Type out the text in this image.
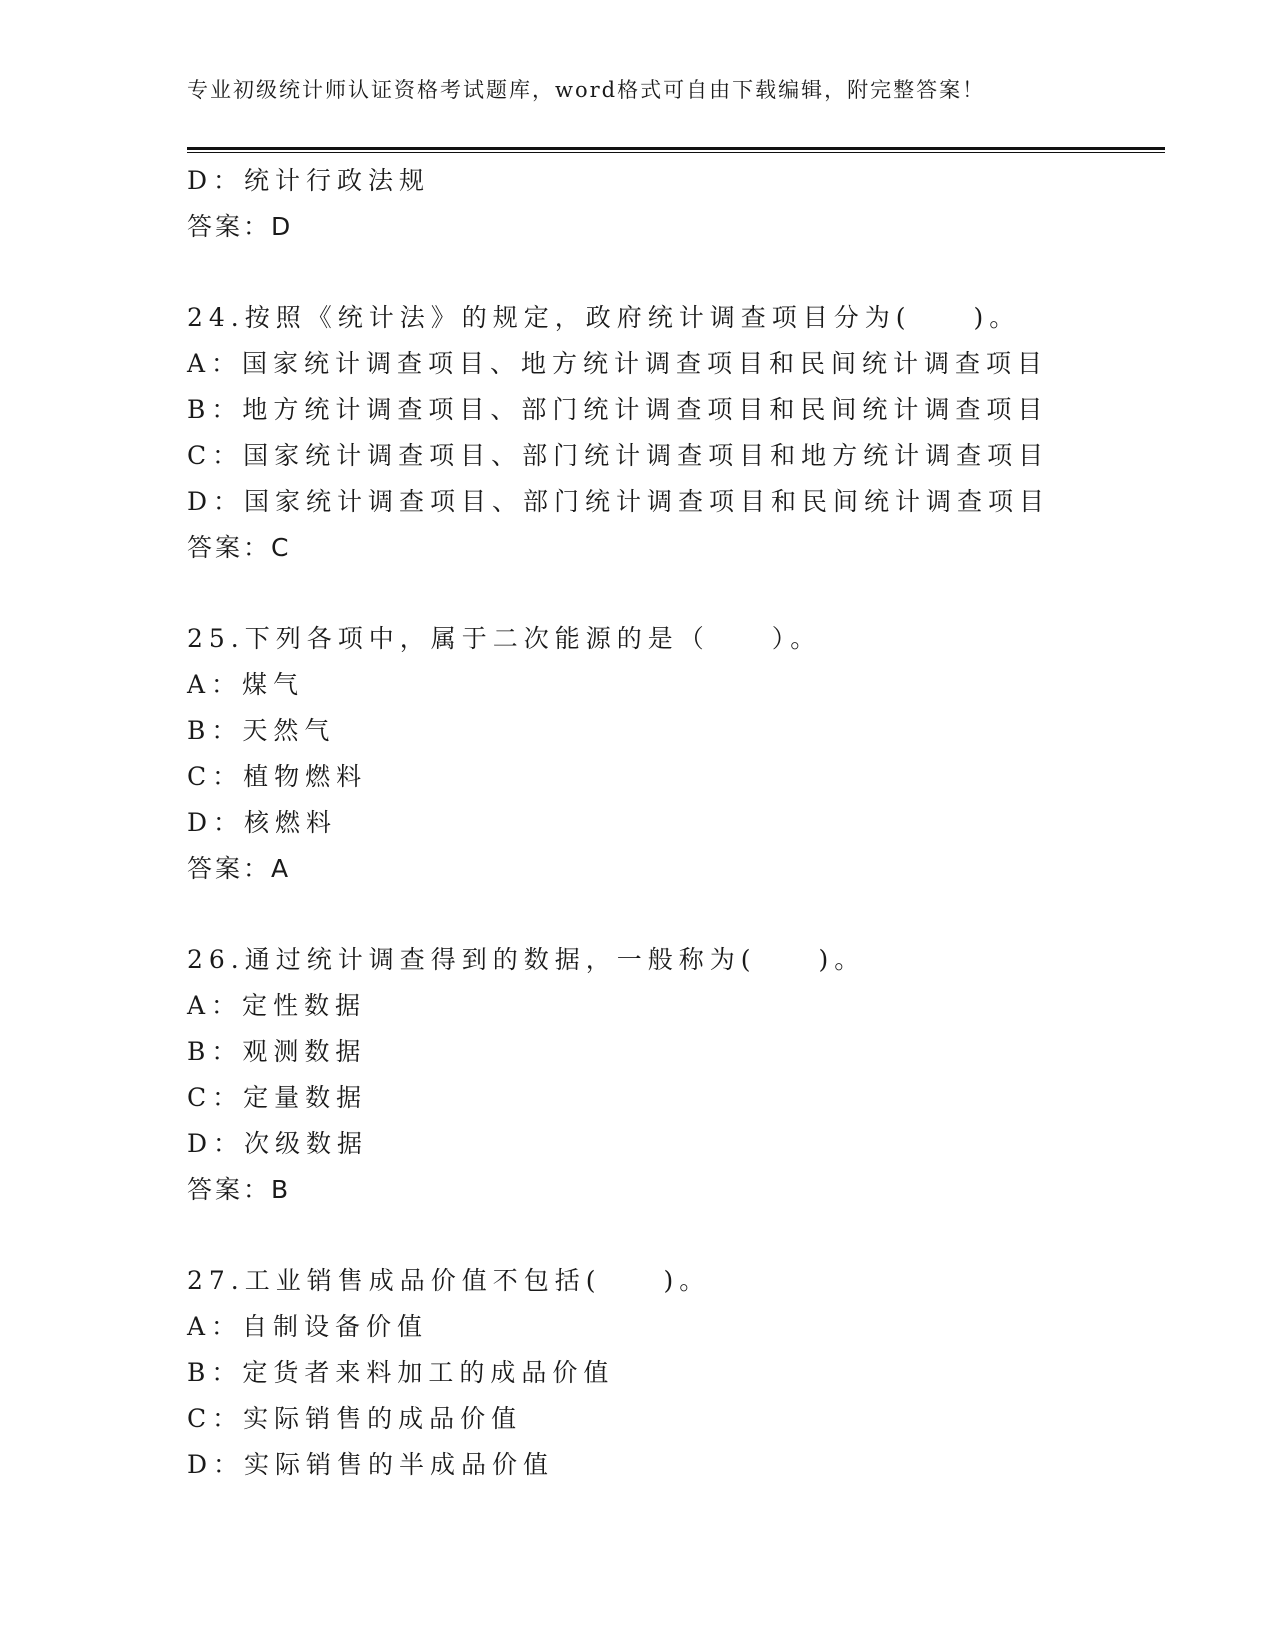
专业初级统计师认证资格考试题库，word格式可自由下载编辑，附完整答案！
D：统计行政法规
答案：D
24.按照《统计法》的规定，政府统计调查项目分为(　　)。
A：国家统计调查项目、地方统计调查项目和民间统计调查项目
B：地方统计调查项目、部门统计调查项目和民间统计调查项目
C：国家统计调查项目、部门统计调查项目和地方统计调查项目
D：国家统计调查项目、部门统计调查项目和民间统计调查项目
答案：C
25.下列各项中，属于二次能源的是（　　）。
A：煤气
B：天然气
C：植物燃料
D：核燃料
答案：A
26.通过统计调查得到的数据，一般称为(　　)。
A：定性数据
B：观测数据
C：定量数据
D：次级数据
答案：B
27.工业销售成品价值不包括(　　)。
A：自制设备价值
B：定货者来料加工的成品价值
C：实际销售的成品价值
D：实际销售的半成品价值
